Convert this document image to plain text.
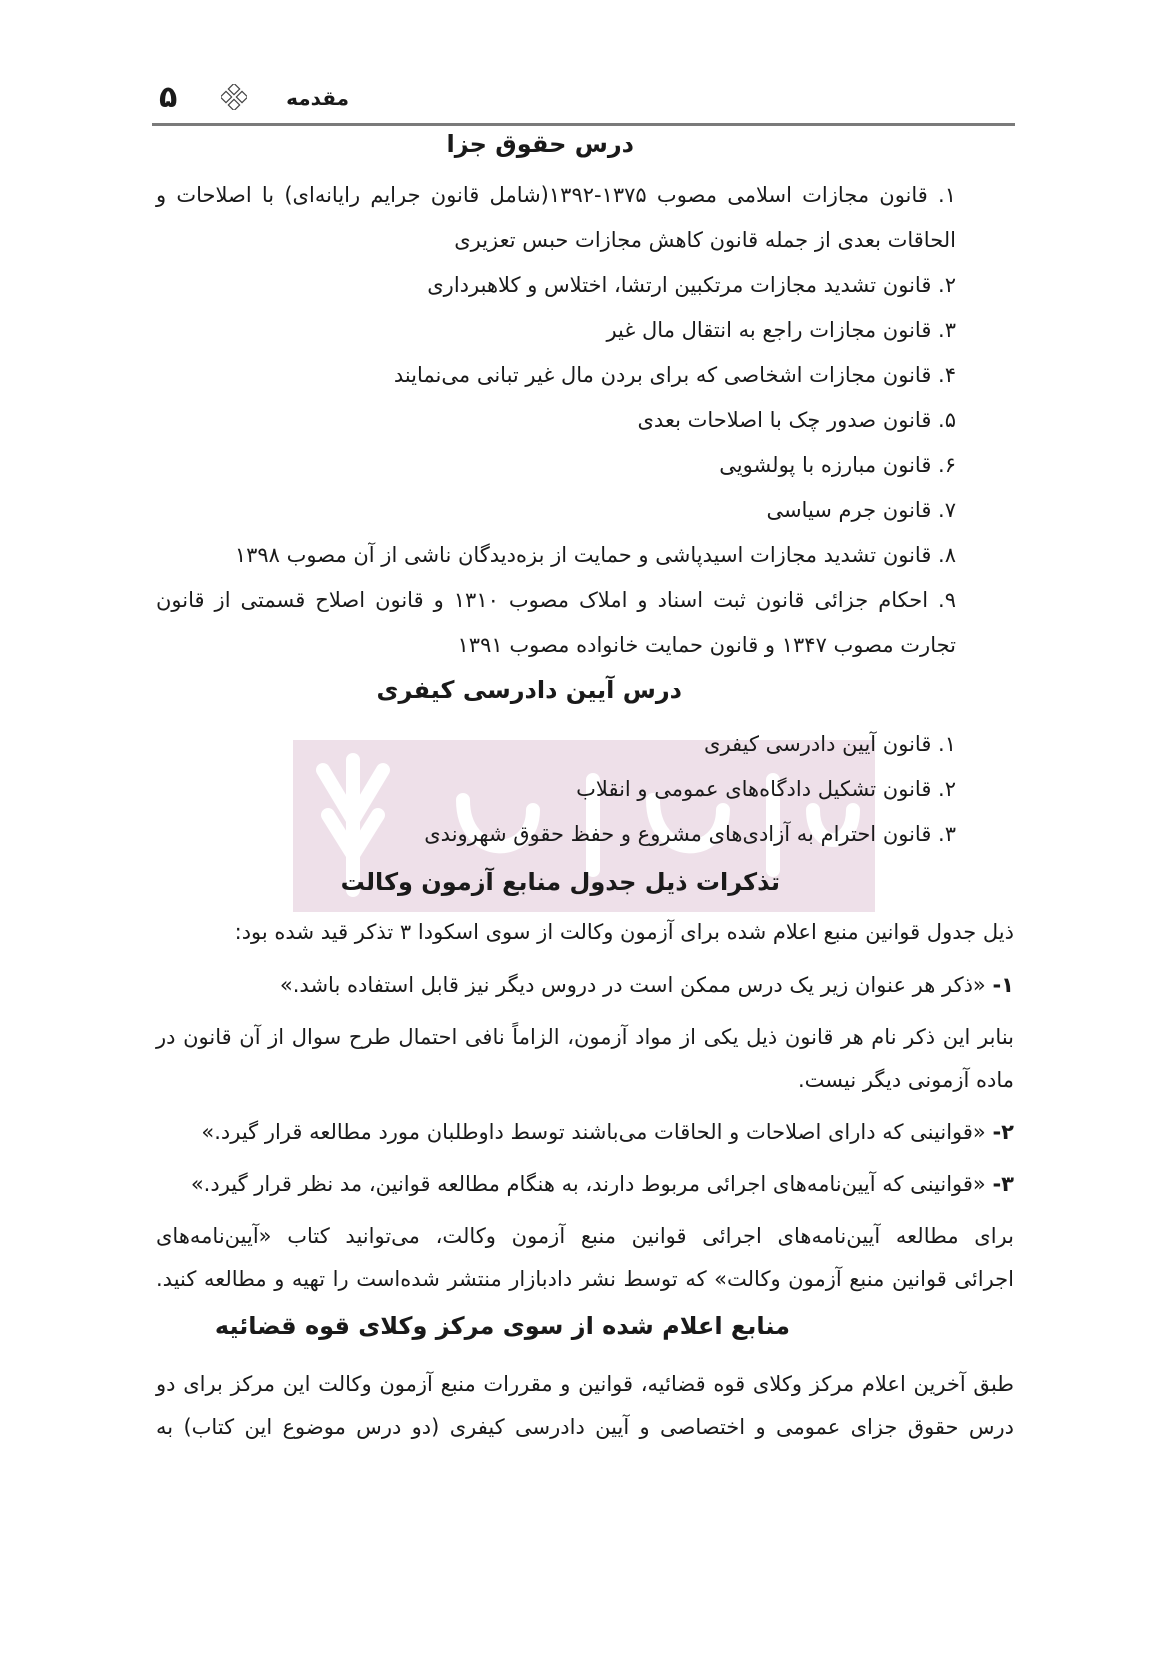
۵	مقدمه
درس حقوق جزا
۱. قانون مجازات اسلامی مصوب ۱۳۷۵-۱۳۹۲(شامل قانون جرایم رایانه‌ای) با اصلاحات و
الحاقات بعدی از جمله قانون کاهش مجازات حبس تعزیری
۲. قانون تشدید مجازات مرتکبین ارتشا، اختلاس و کلاهبرداری
۳. قانون مجازات راجع به انتقال مال غیر
۴. قانون مجازات اشخاصی که برای بردن مال غیر تبانی می‌نمایند
۵. قانون صدور چک با اصلاحات بعدی
۶. قانون مبارزه با پولشویی
۷. قانون جرم سیاسی
۸. قانون تشدید مجازات اسیدپاشی و حمایت از بزه‌دیدگان ناشی از آن مصوب ۱۳۹۸
۹. احکام جزائی قانون ثبت اسناد و املاک مصوب ۱۳۱۰ و قانون اصلاح قسمتی از قانون
تجارت مصوب ۱۳۴۷ و قانون حمایت خانواده مصوب ۱۳۹۱
درس آیین دادرسی کیفری
۱. قانون آیین دادرسی کیفری
۲. قانون تشکیل دادگاه‌های عمومی و انقلاب
۳. قانون احترام به آزادی‌های مشروع و حفظ حقوق شهروندی
تذکرات ذیل جدول منابع آزمون وکالت
ذیل جدول قوانین منبع اعلام شده برای آزمون وکالت از سوی اسکودا ۳ تذکر قید شده بود:
۱- «ذکر هر عنوان زیر یک درس ممکن است در دروس دیگر نیز قابل استفاده باشد.»
بنابر این ذکر نام هر قانون ذیل یکی از مواد آزمون، الزاماً نافی احتمال طرح سوال از آن قانون در
ماده آزمونی دیگر نیست.
۲- «قوانینی که دارای اصلاحات و الحاقات می‌باشند توسط داوطلبان مورد مطالعه قرار گیرد.»
۳- «قوانینی که آیین‌نامه‌های اجرائی مربوط دارند، به هنگام مطالعه قوانین، مد نظر قرار گیرد.»
برای مطالعه آیین‌نامه‌های اجرائی قوانین منبع آزمون وکالت، می‌توانید کتاب «آیین‌نامه‌های
اجرائی قوانین منبع آزمون وکالت» که توسط نشر دادبازار منتشر شده‌است را تهیه و مطالعه کنید.
منابع اعلام شده از سوی مرکز وکلای قوه قضائیه
طبق آخرین اعلام مرکز وکلای قوه قضائیه، قوانین و مقررات منبع آزمون وکالت این مرکز برای دو
درس حقوق جزای عمومی و اختصاصی و آیین دادرسی کیفری (دو درس موضوع این کتاب) به
